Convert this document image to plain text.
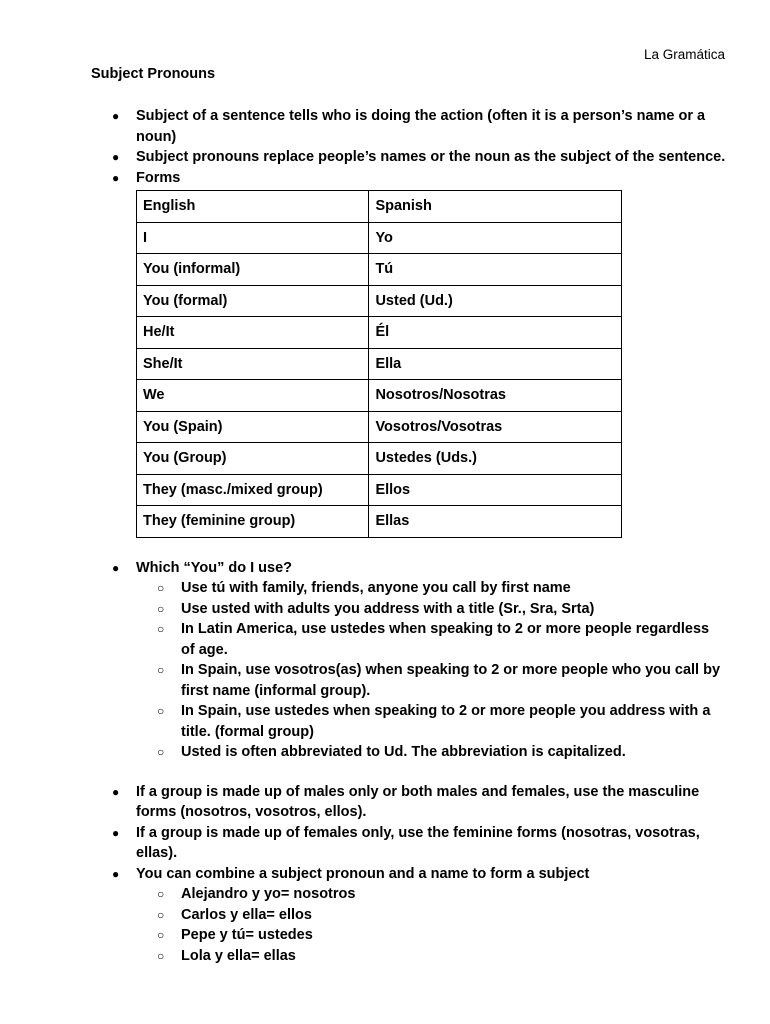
La Gramática
Subject Pronouns
● Subject of a sentence tells who is doing the action (often it is a person’s name or a noun)
● Subject pronouns replace people’s names or the noun as the subject of the sentence.
● Forms
English	Spanish
I	Yo
You (informal)	Tú
You (formal)	Usted (Ud.)
He/It	Él
She/It	Ella
We	Nosotros/Nosotras
You (Spain)	Vosotros/Vosotras
You (Group)	Ustedes (Uds.)
They (masc./mixed group)	Ellos
They (feminine group)	Ellas
● Which “You” do I use?
○ Use tú with family, friends, anyone you call by first name
○ Use usted with adults you address with a title (Sr., Sra, Srta)
○ In Latin America, use ustedes when speaking to 2 or more people regardless of age.
○ In Spain, use vosotros(as) when speaking to 2 or more people who you call by first name (informal group).
○ In Spain, use ustedes when speaking to 2 or more people you address with a title. (formal group)
○ Usted is often abbreviated to Ud. The abbreviation is capitalized.
● If a group is made up of males only or both males and females, use the masculine forms (nosotros, vosotros, ellos).
● If a group is made up of females only, use the feminine forms (nosotras, vosotras, ellas).
● You can combine a subject pronoun and a name to form a subject
○ Alejandro y yo= nosotros
○ Carlos y ella= ellos
○ Pepe y tú= ustedes
○ Lola y ella= ellas
